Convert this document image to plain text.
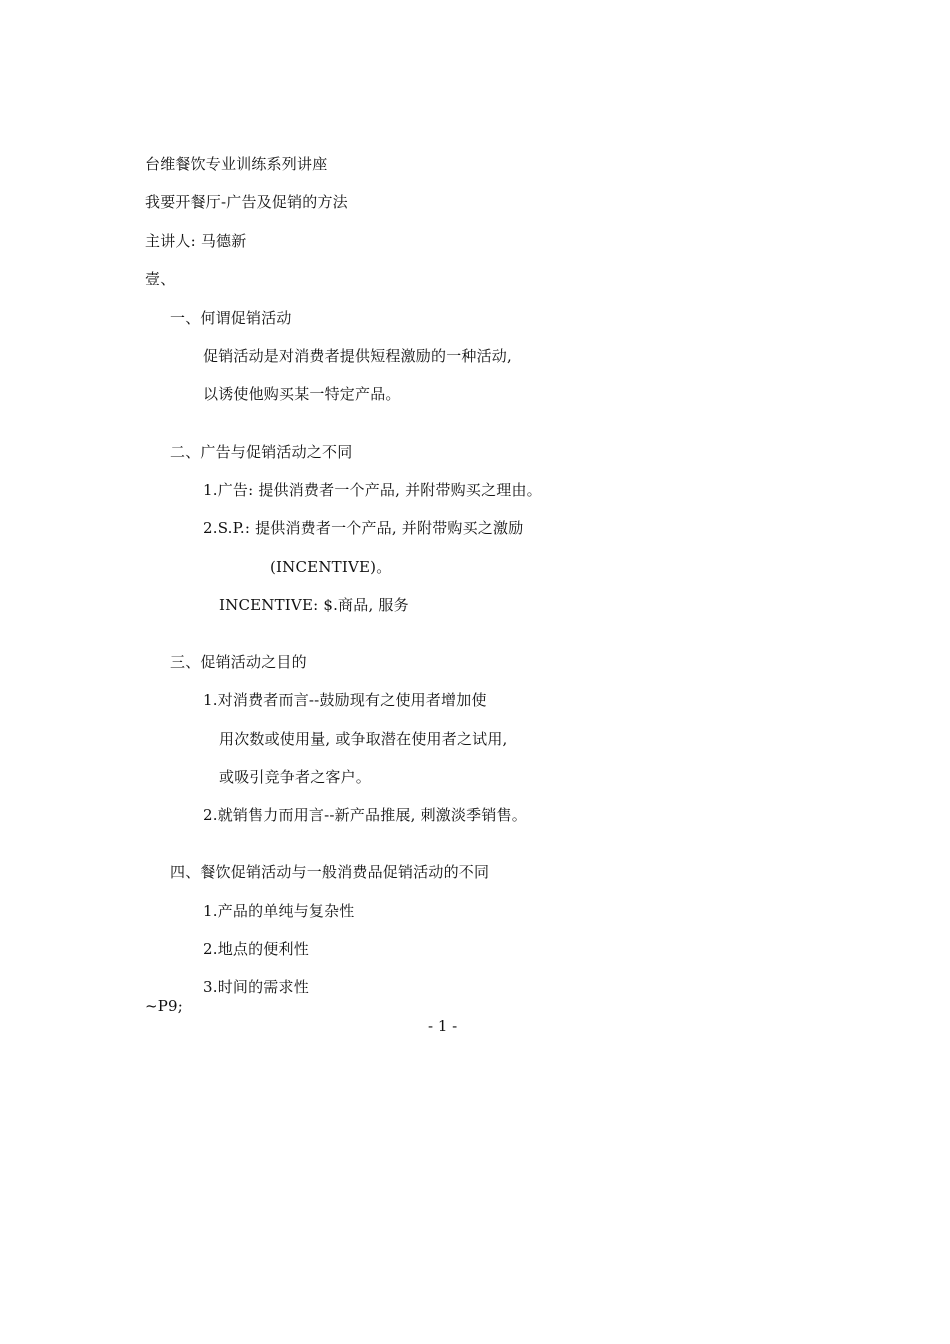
台维餐饮专业训练系列讲座
我要开餐厅-广告及促销的方法
主讲人: 马德新
壹、
一、何谓促销活动
促销活动是对消费者提供短程激励的一种活动,
以诱使他购买某一特定产品。
二、广告与促销活动之不同
1.广告: 提供消费者一个产品, 并附带购买之理由。
2.S.P.: 提供消费者一个产品, 并附带购买之激励
(INCENTIVE)。
INCENTIVE: $.商品, 服务
三、促销活动之目的
1.对消费者而言--鼓励现有之使用者增加使
用次数或使用量, 或争取潜在使用者之试用,
或吸引竞争者之客户。
2.就销售力而用言--新产品推展, 刺激淡季销售。
四、餐饮促销活动与一般消费品促销活动的不同
1.产品的单纯与复杂性
2.地点的便利性
3.时间的需求性
~P9;
- 1 -
